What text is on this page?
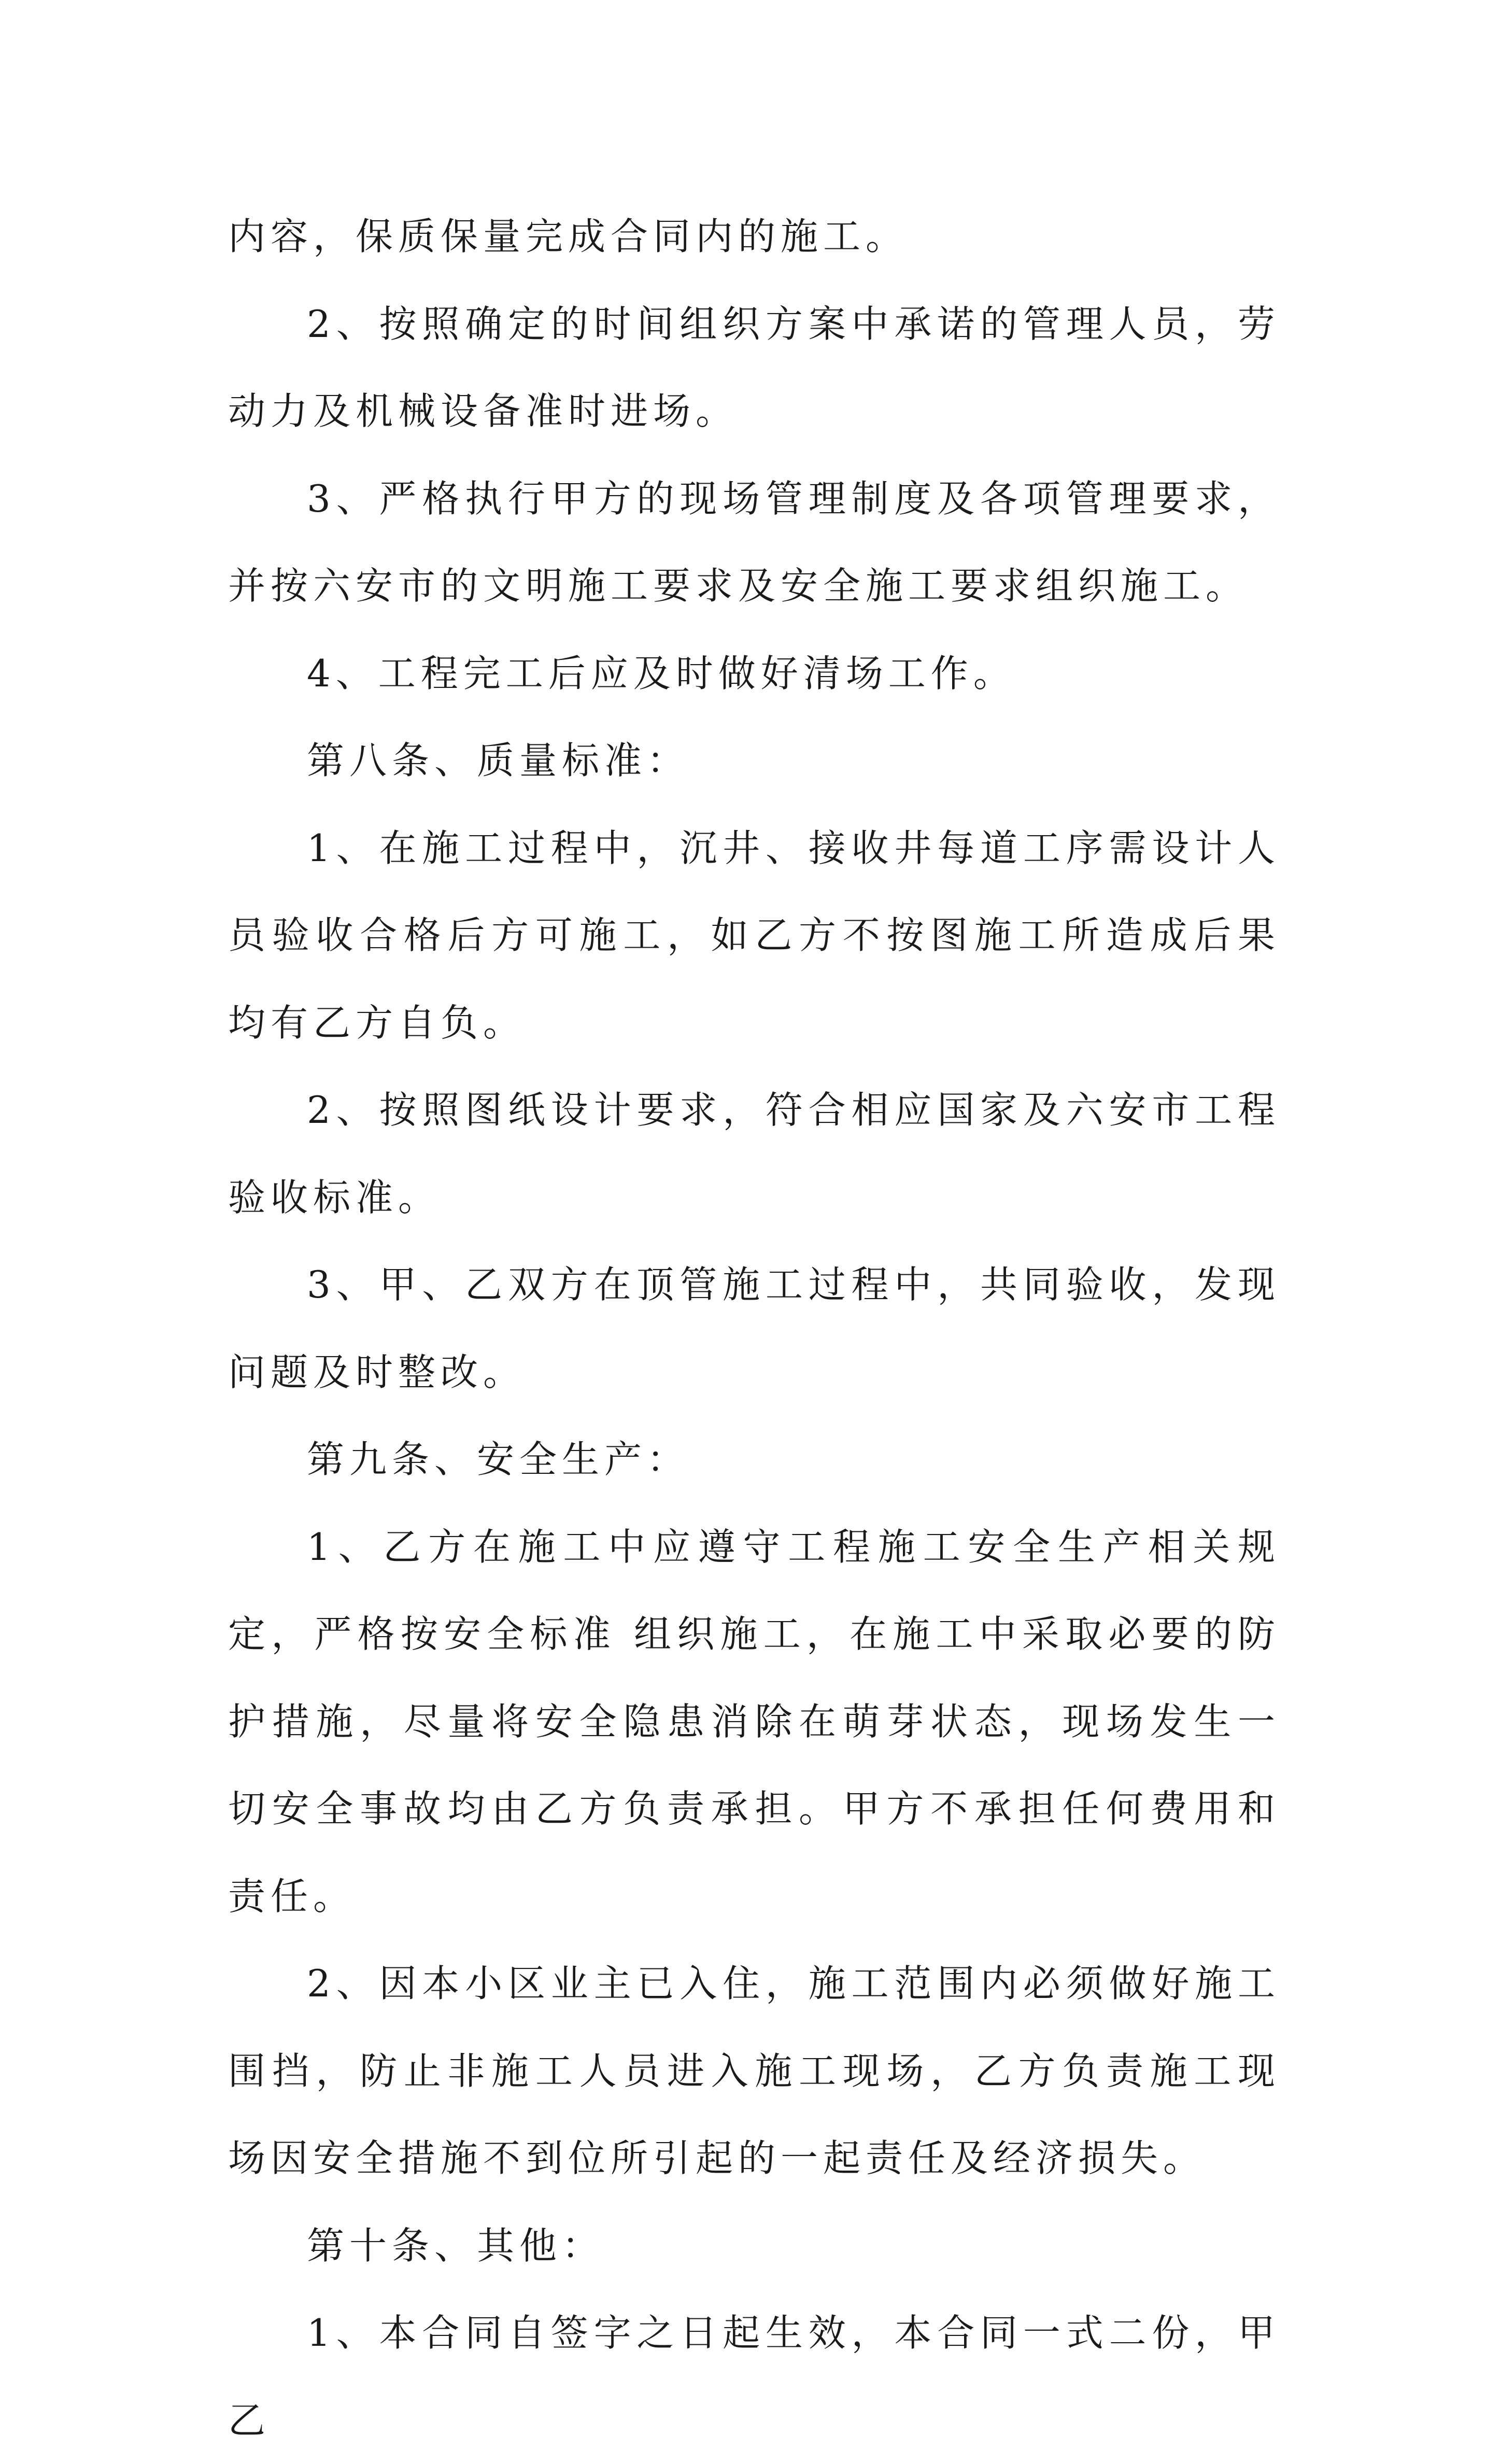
内容，保质保量完成合同内的施工。

2、按照确定的时间组织方案中承诺的管理人员，劳动力及机械设备准时进场。

3、严格执行甲方的现场管理制度及各项管理要求，并按六安市的文明施工要求及安全施工要求组织施工。

4、工程完工后应及时做好清场工作。

第八条、质量标准：

1、在施工过程中，沉井、接收井每道工序需设计人员验收合格后方可施工，如乙方不按图施工所造成后果均有乙方自负。

2、按照图纸设计要求，符合相应国家及六安市工程验收标准。

3、甲、乙双方在顶管施工过程中，共同验收，发现问题及时整改。

第九条、安全生产：

1、乙方在施工中应遵守工程施工安全生产相关规定，严格按安全标准 组织施工，在施工中采取必要的防护措施，尽量将安全隐患消除在萌芽状态，现场发生一切安全事故均由乙方负责承担。甲方不承担任何费用和责任。

2、因本小区业主已入住，施工范围内必须做好施工围挡，防止非施工人员进入施工现场，乙方负责施工现场因安全措施不到位所引起的一起责任及经济损失。

第十条、其他：

1、本合同自签字之日起生效，本合同一式二份，甲乙
